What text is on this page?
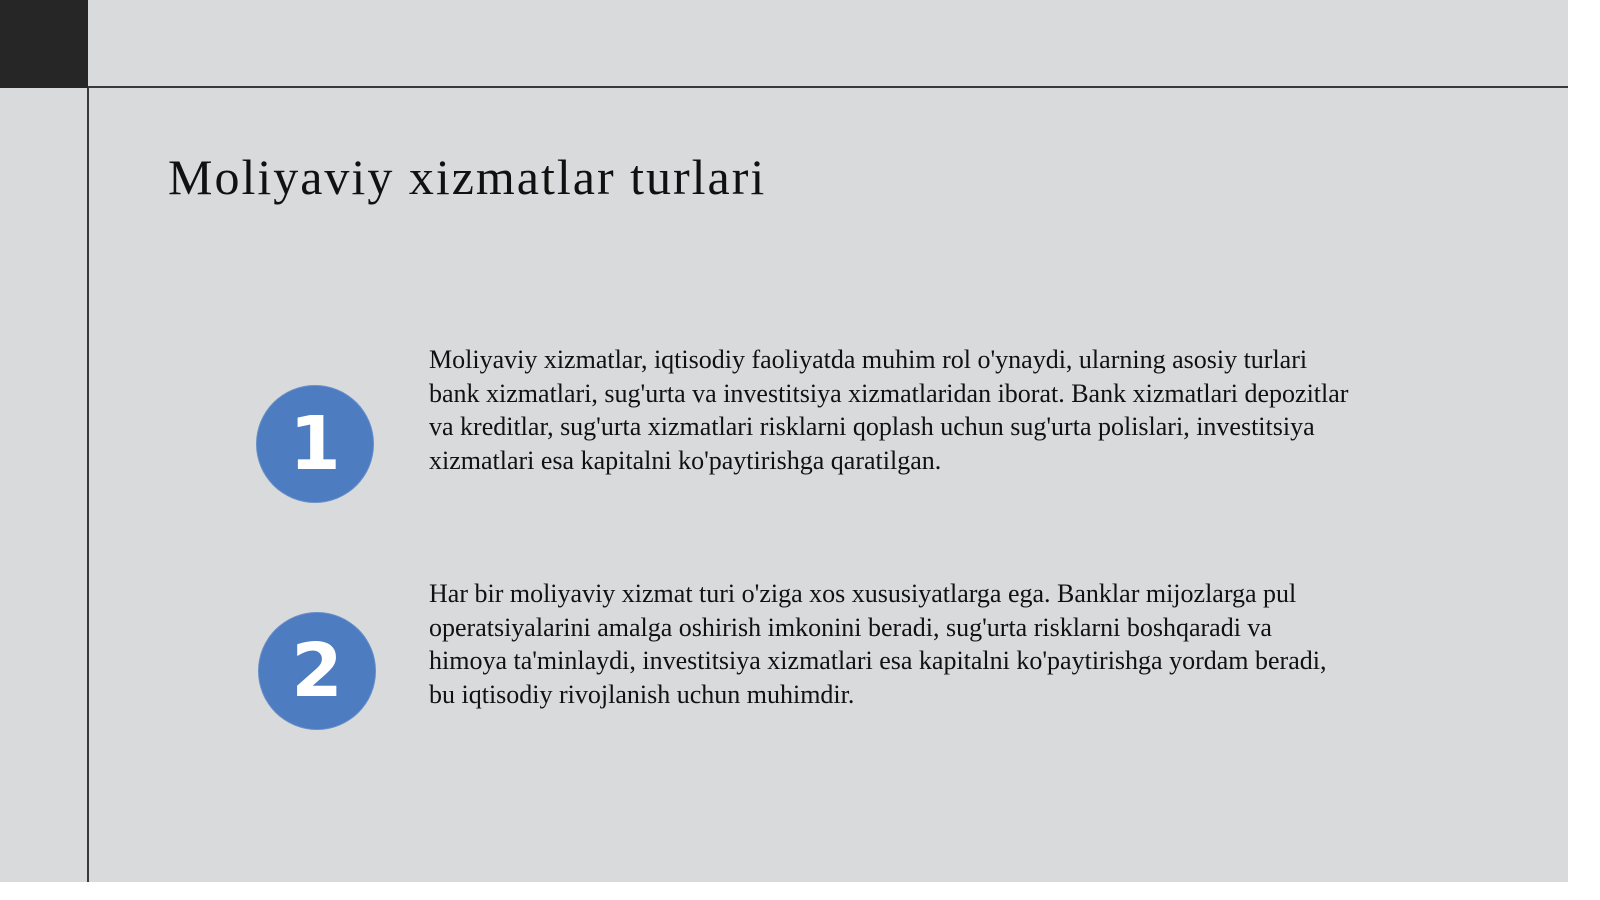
Moliyaviy xizmatlar turlari
1

Moliyaviy xizmatlar, iqtisodiy faoliyatda muhim rol o'ynaydi, ularning asosiy turlari bank xizmatlari, sug'urta va investitsiya xizmatlaridan iborat. Bank xizmatlari depozitlar va kreditlar, sug'urta xizmatlari risklarni qoplash uchun sug'urta polislari, investitsiya xizmatlari esa kapitalni ko'paytirishga qaratilgan.

2

Har bir moliyaviy xizmat turi o'ziga xos xususiyatlarga ega. Banklar mijozlarga pul operatsiyalarini amalga oshirish imkonini beradi, sug'urta risklarni boshqaradi va himoya ta'minlaydi, investitsiya xizmatlari esa kapitalni ko'paytirishga yordam beradi, bu iqtisodiy rivojlanish uchun muhimdir.
